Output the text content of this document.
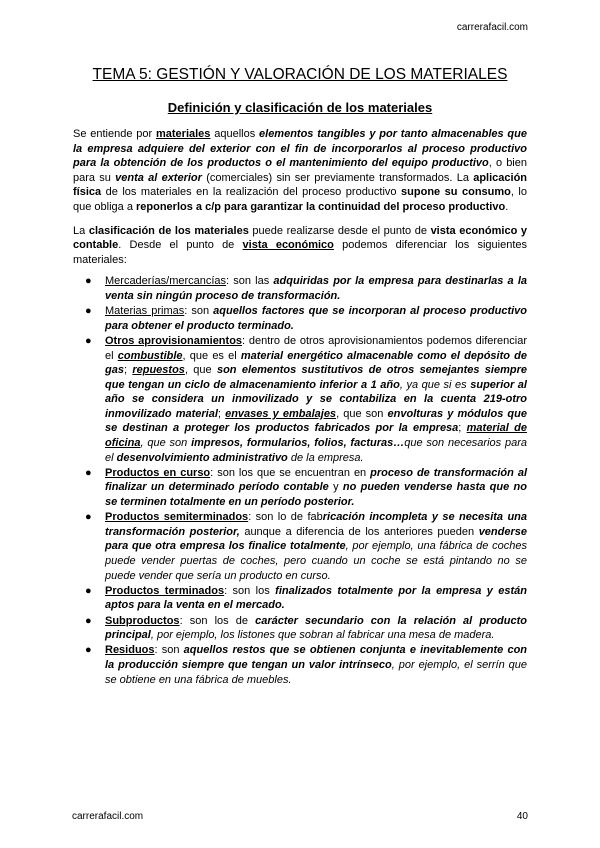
carrerafacil.com
TEMA 5: GESTIÓN Y VALORACIÓN DE LOS MATERIALES
Definición y clasificación de los materiales

Se entiende por materiales aquellos elementos tangibles y por tanto almacenables que la empresa adquiere del exterior con el fin de incorporarlos al proceso productivo para la obtención de los productos o el mantenimiento del equipo productivo, o bien para su venta al exterior (comerciales) sin ser previamente transformados. La aplicación física de los materiales en la realización del proceso productivo supone su consumo, lo que obliga a reponerlos a c/p para garantizar la continuidad del proceso productivo.

La clasificación de los materiales puede realizarse desde el punto de vista económico y contable. Desde el punto de vista económico podemos diferenciar los siguientes materiales:

● Mercaderías/mercancías: son las adquiridas por la empresa para destinarlas a la venta sin ningún proceso de transformación.
● Materias primas: son aquellos factores que se incorporan al proceso productivo para obtener el producto terminado.
● Otros aprovisionamientos: dentro de otros aprovisionamientos podemos diferenciar el combustible, que es el material energético almacenable como el depósito de gas; repuestos, que son elementos sustitutivos de otros semejantes siempre que tengan un ciclo de almacenamiento inferior a 1 año, ya que si es superior al año se considera un inmovilizado y se contabiliza en la cuenta 219-otro inmovilizado material; envases y embalajes, que son envolturas y módulos que se destinan a proteger los productos fabricados por la empresa; material de oficina, que son impresos, formularios, folios, facturas…que son necesarios para el desenvolvimiento administrativo de la empresa.
● Productos en curso: son los que se encuentran en proceso de transformación al finalizar un determinado período contable y no pueden venderse hasta que no se terminen totalmente en un período posterior.
● Productos semiterminados: son lo de fabricación incompleta y se necesita una transformación posterior, aunque a diferencia de los anteriores pueden venderse para que otra empresa los finalice totalmente, por ejemplo, una fábrica de coches puede vender puertas de coches, pero cuando un coche se está pintando no se puede vender que sería un producto en curso.
● Productos terminados: son los finalizados totalmente por la empresa y están aptos para la venta en el mercado.
● Subproductos: son los de carácter secundario con la relación al producto principal, por ejemplo, los listones que sobran al fabricar una mesa de madera.
● Residuos: son aquellos restos que se obtienen conjunta e inevitablemente con la producción siempre que tengan un valor intrínseco, por ejemplo, el serrín que se obtiene en una fábrica de muebles.
carrerafacil.com	40
